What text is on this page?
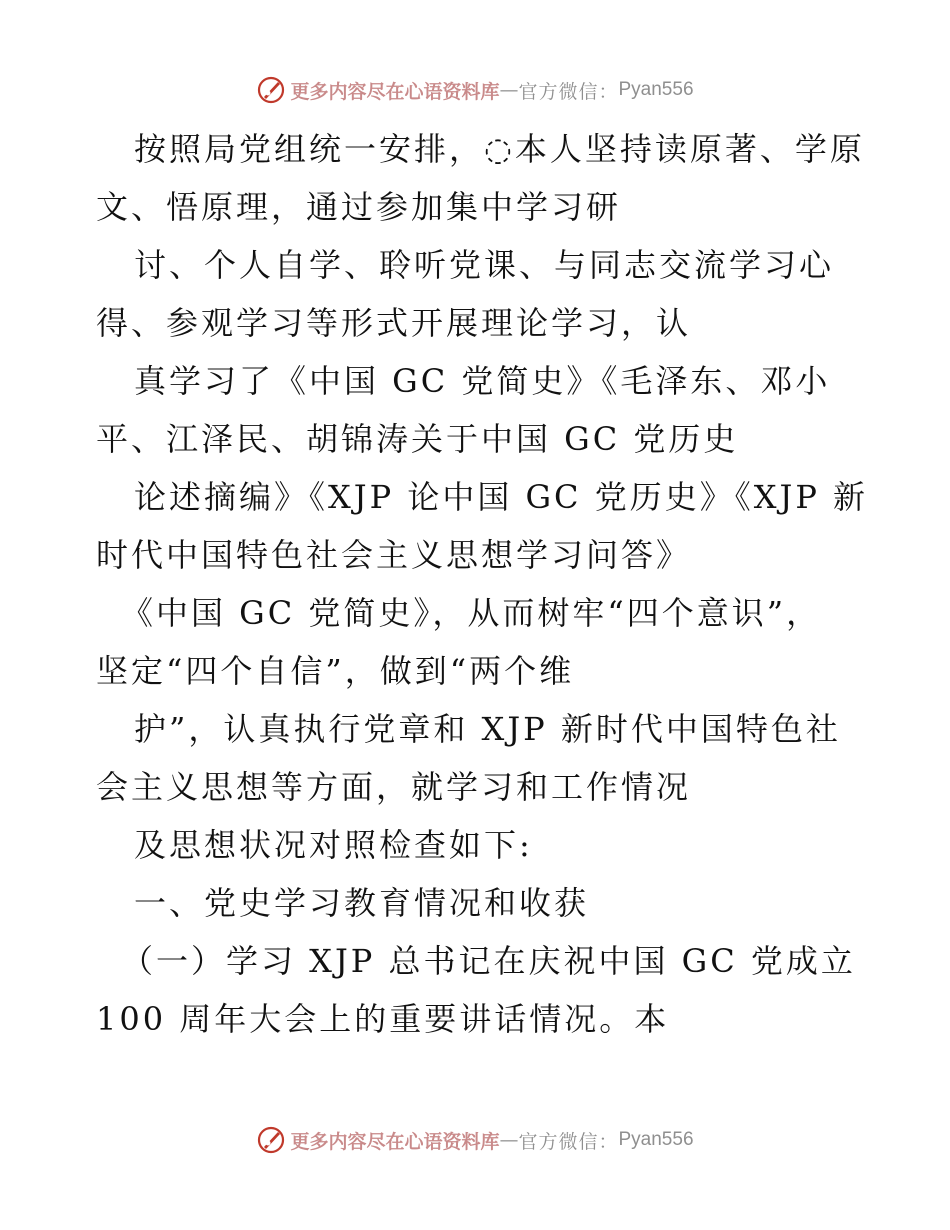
更多内容尽在心语资料库 — 官方微信： Pyan556
按照局党组统一安排，◌本人坚持读原著、学原
文、悟原理，通过参加集中学习研
讨、个人自学、聆听党课、与同志交流学习心
得、参观学习等形式开展理论学习，认
真学习了《中国 GC 党简史》《毛泽东、邓小
平、江泽民、胡锦涛关于中国 GC 党历史
论述摘编》《XJP 论中国 GC 党历史》《XJP 新
时代中国特色社会主义思想学习问答》
《中国 GC 党简史》，从而树牢“四个意识”，
坚定“四个自信”，做到“两个维
护”，认真执行党章和 XJP 新时代中国特色社
会主义思想等方面，就学习和工作情况
及思想状况对照检查如下:
一、党史学习教育情况和收获
（一）学习 XJP 总书记在庆祝中国 GC 党成立
100 周年大会上的重要讲话情况。本
更多内容尽在心语资料库 — 官方微信： Pyan556
